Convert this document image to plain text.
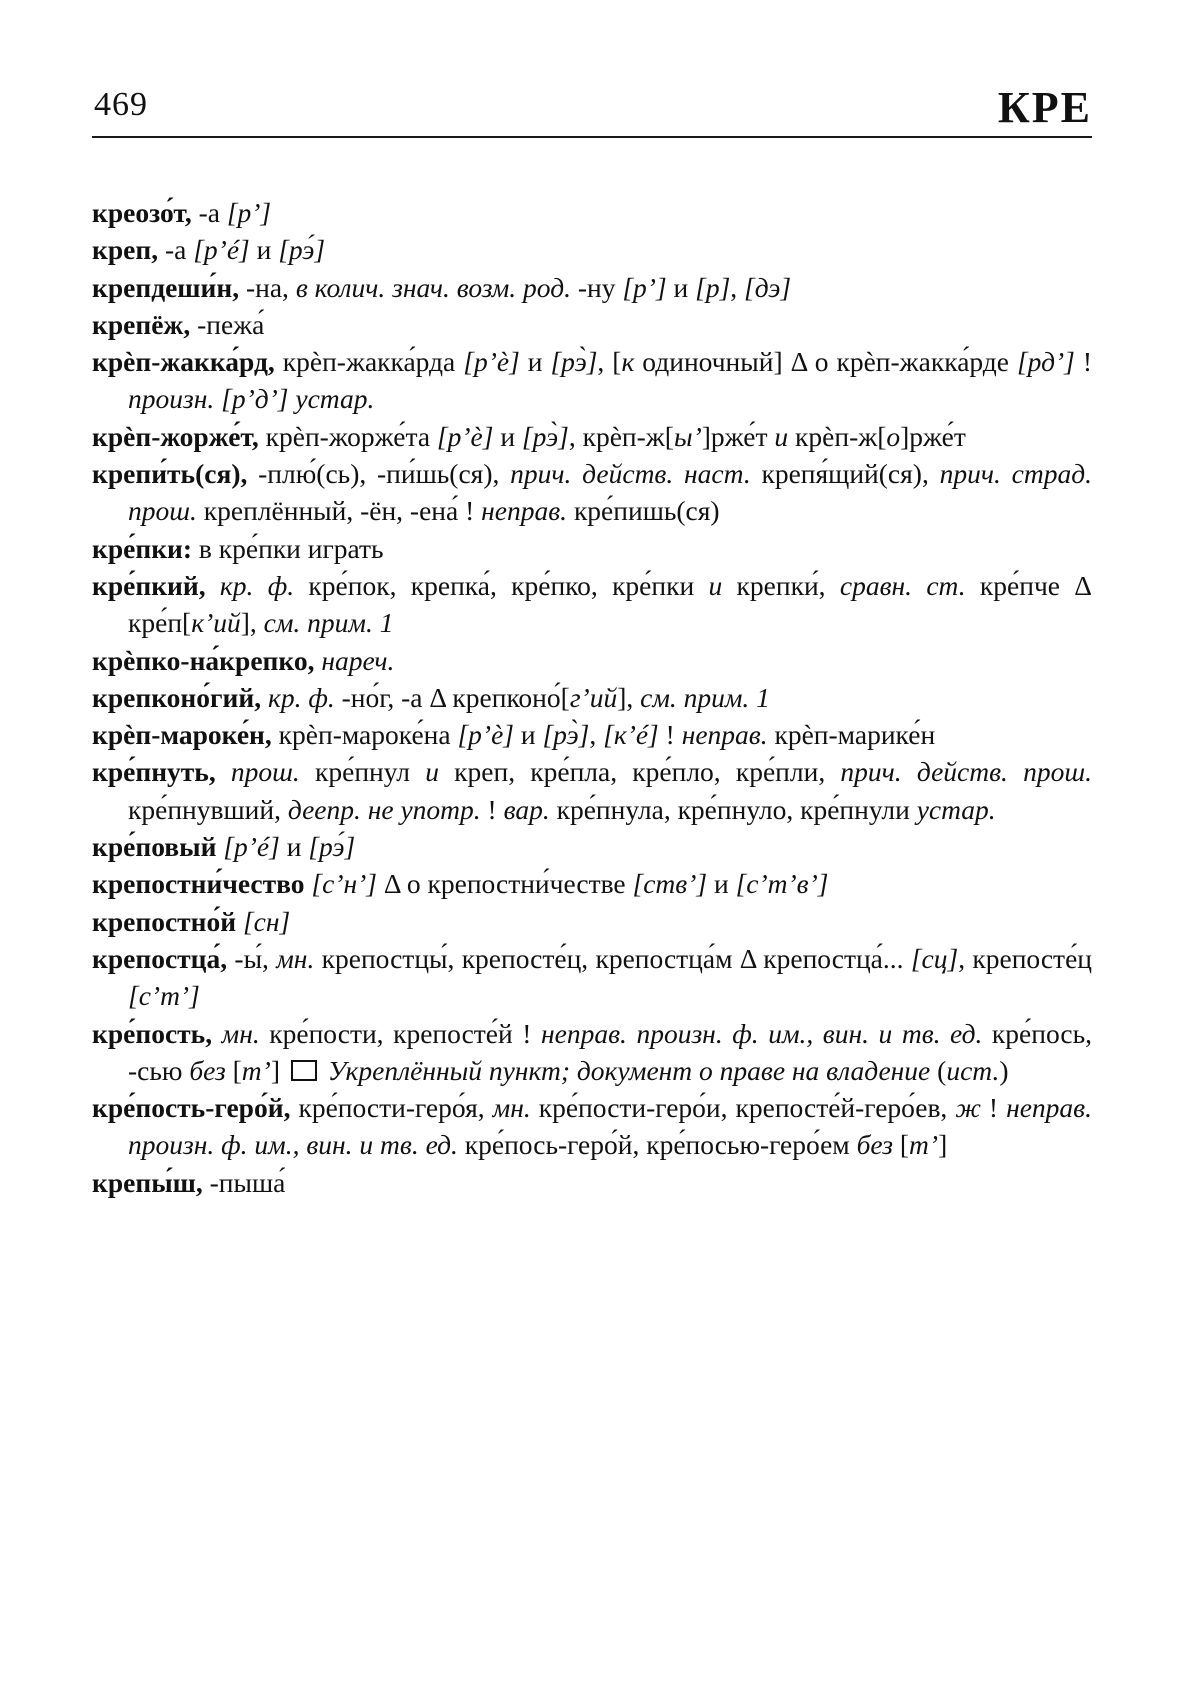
469	КРЕ

креозо́т, -а [р’]

креп, -а [р’é] и [рэ́]

крепдеши́н, -на, в колич. знач. возм. род. -ну [р’] и [р], [дэ]

крепёж, -пежа́

крѐп-жакка́рд, крѐп-жакка́рда [р’è] и [рэ̀], [к одиночный] Δ о крѐп-жакка́рде [рд’] ! произн. [р’д’] устар.

крѐп-жорже́т, крѐп-жорже́та [р’è] и [рэ̀], крѐп-ж[ы’]рже́т и крѐп-ж[о]рже́т

крепи́ть(ся), -плю́(сь), -пи́шь(ся), прич. действ. наст. крепя́щий(ся), прич. страд. прош. креплённый, -ён, -ена́ ! неправ. кре́пишь(ся)

кре́пки: в кре́пки играть

кре́пкий, кр. ф. кре́пок, крепка́, кре́пко, кре́пки и крепки́, сравн. ст. кре́пче Δ кре́п[к’ий], см. прим. 1

крѐпко-на́крепко, нареч.

крепконо́гий, кр. ф. -но́г, -а Δ крепконо́[г’ий], см. прим. 1

крѐп-мароке́н, крѐп-мароке́на [р’è] и [рэ̀], [к’é] ! неправ. крѐп-марике́н

кре́пнуть, прош. кре́пнул и креп, кре́пла, кре́пло, кре́пли, прич. действ. прош. кре́пнувший, деепр. не употр. ! вар. кре́пнула, кре́пнуло, кре́пнули устар.

кре́повый [р’é] и [рэ́]

крепостни́чество [с’н’] Δ о крепостни́честве [ств’] и [с’т’в’]

крепостно́й [сн]

крепостца́, -ы́, мн. крепостцы́, крепосте́ц, крепостца́м Δ крепостца́... [сц], крепосте́ц [с’т’]

кре́пость, мн. кре́пости, крепосте́й ! неправ. произн. ф. им., вин. и тв. ед. кре́пось, -сью без [т’]  Укреплённый пункт; документ о праве на владение (ист.)

кре́пость-геро́й, кре́пости-геро́я, мн. кре́пости-геро́и, крепосте́й-геро́ев, ж ! неправ. произн. ф. им., вин. и тв. ед. кре́пось-геро́й, кре́посью-геро́ем без [т’]

крепы́ш, -пыша́
